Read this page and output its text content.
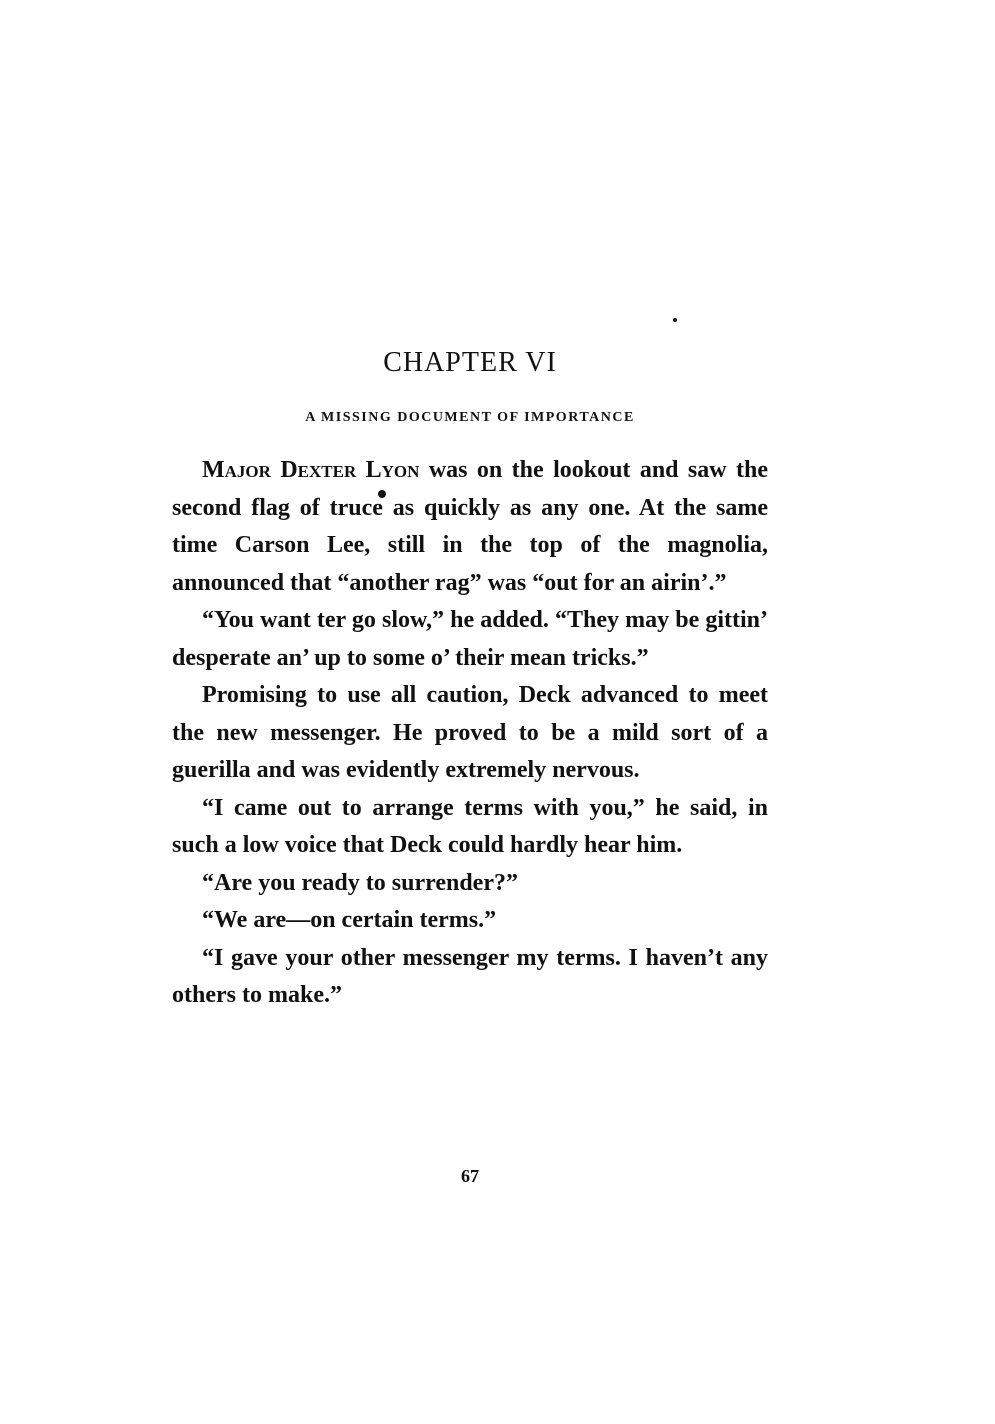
CHAPTER VI
A MISSING DOCUMENT OF IMPORTANCE

Major Dexter Lyon was on the lookout and saw the second flag of truce as quickly as any one. At the same time Carson Lee, still in the top of the magnolia, announced that “another rag” was “out for an airin’.”

“You want ter go slow,” he added. “They may be gittin’ desperate an’ up to some o’ their mean tricks.”

Promising to use all caution, Deck advanced to meet the new messenger. He proved to be a mild sort of a guerilla and was evidently extremely nervous.

“I came out to arrange terms with you,” he said, in such a low voice that Deck could hardly hear him.

“Are you ready to surrender?”

“We are—on certain terms.”

“I gave your other messenger my terms. I haven’t any others to make.”

67
